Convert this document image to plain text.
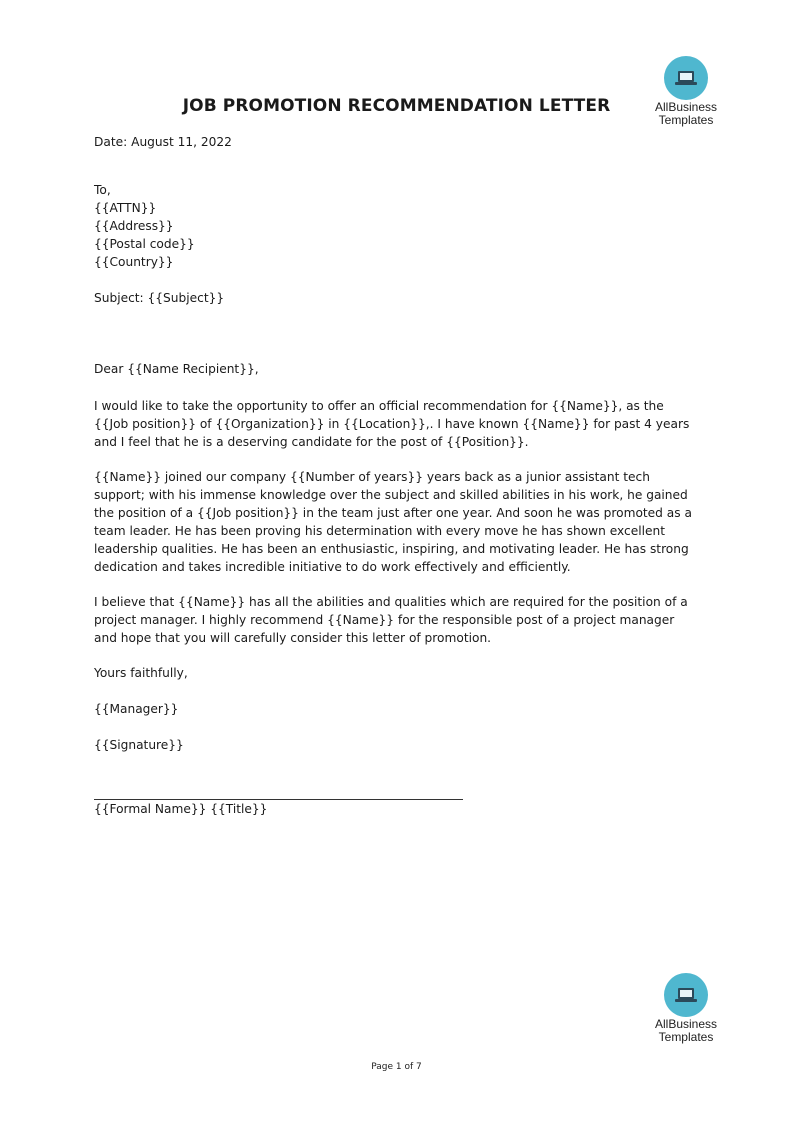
AllBusiness
Templates
JOB PROMOTION RECOMMENDATION LETTER
Date: August 11, 2022
To,
{{ATTN}}
{{Address}}
{{Postal code}}
{{Country}}
Subject: {{Subject}}
Dear {{Name Recipient}},
I would like to take the opportunity to offer an official recommendation for {{Name}}, as the {{Job position}} of {{Organization}} in {{Location}},. I have known {{Name}} for past 4 years and I feel that he is a deserving candidate for the post of {{Position}}.
{{Name}} joined our company {{Number of years}} years back as a junior assistant tech support; with his immense knowledge over the subject and skilled abilities in his work, he gained the position of a {{Job position}} in the team just after one year. And soon he was promoted as a team leader. He has been proving his determination with every move he has shown excellent leadership qualities. He has been an enthusiastic, inspiring, and motivating leader. He has strong dedication and takes incredible initiative to do work effectively and efficiently.
I believe that {{Name}} has all the abilities and qualities which are required for the position of a project manager. I highly recommend {{Name}} for the responsible post of a project manager and hope that you will carefully consider this letter of promotion.
Yours faithfully,
{{Manager}}
{{Signature}}
{{Formal Name}} {{Title}}
AllBusiness
Templates
Page 1 of 7
